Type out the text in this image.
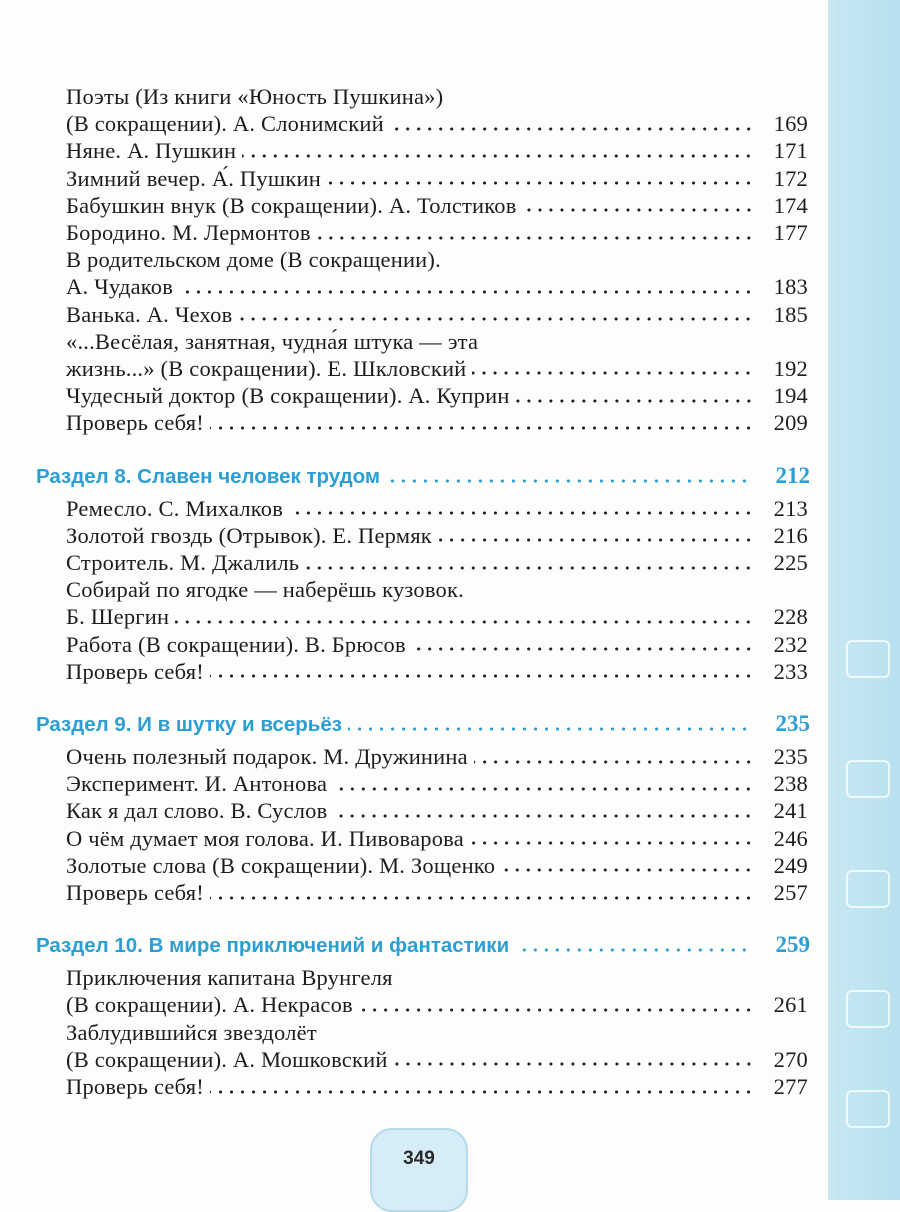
Поэты (Из книги «Юность Пушкина»)
(В сокращении). А. Слонимский	169
Няне. А. Пушкин	171
Зимний вечер. А́. Пушкин	172
Бабушкин внук (В сокращении). А. Толстиков	174
Бородино. М. Лермонтов	177
В родительском доме (В сокращении).
А. Чудаков	183
Ванька. А. Чехов	185
«...Весёлая, занятная, чудна́я штука — эта
жизнь...» (В сокращении). Е. Шкловский	192
Чудесный доктор (В сокращении). А. Куприн	194
Проверь себя!	209
Раздел 8. Славен человек трудом	212
Ремесло. С. Михалков	213
Золотой гвоздь (Отрывок). Е. Пермяк	216
Строитель. М. Джалиль	225
Собирай по ягодке — наберёшь кузовок.
Б. Шергин	228
Работа (В сокращении). В. Брюсов	232
Проверь себя!	233
Раздел 9. И в шутку и всерьёз	235
Очень полезный подарок. М. Дружинина	235
Эксперимент. И. Антонова	238
Как я дал слово. В. Суслов	241
О чём думает моя голова. И. Пивоварова	246
Золотые слова (В сокращении). М. Зощенко	249
Проверь себя!	257
Раздел 10. В мире приключений и фантастики	259
Приключения капитана Врунгеля
(В сокращении). А. Некрасов	261
Заблудившийся звездолёт
(В сокращении). А. Мошковский	270
Проверь себя!	277
349
